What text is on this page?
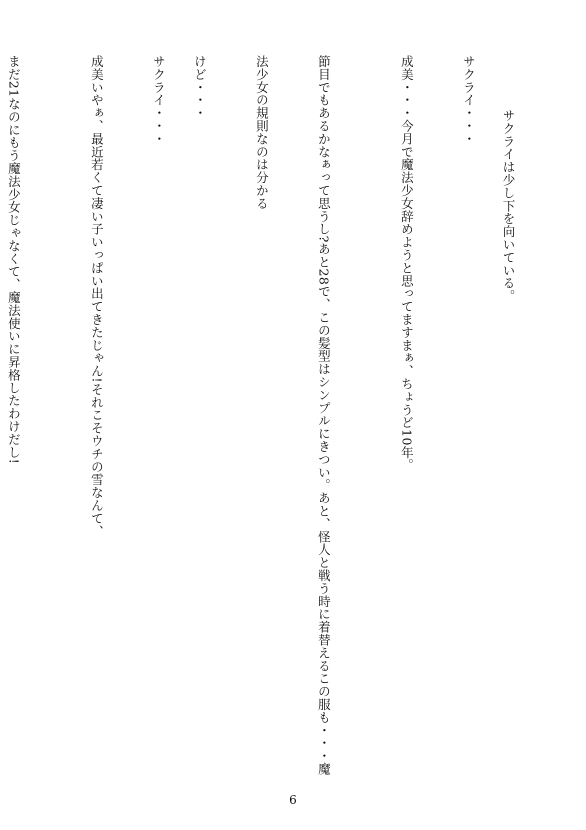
サクライは少し下を向いている。

サクライ・・・
成美・・・今月で魔法少女辞めようと思ってますまぁ、ちょうど10年。
節目でもあるかなぁって思うし?あと28で、この髪型はシンプルにきつい。あと、怪人と戦う時に着替えるこの服も・・・魔
法少女の規則なのは分かる
けど・・・
サクライ・・・
成美いやぁ、最近若くて凄い子いっぱい出てきたじゃん!それこそウチの雪なんて、
まだ21なのにもう魔法少女じゃなくて、魔法使いに昇格したわけだし!
6
